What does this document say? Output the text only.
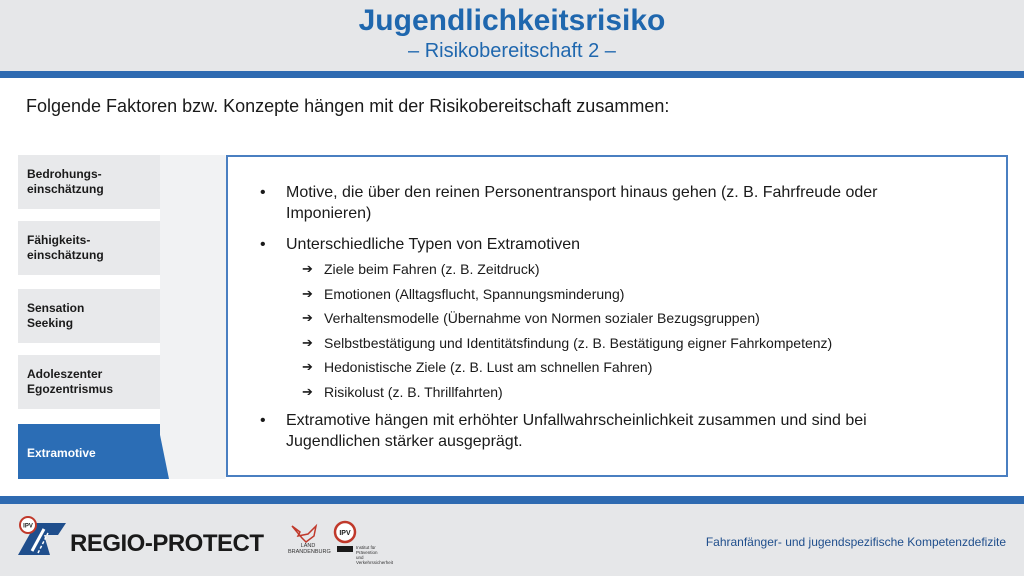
Jugendlichkeitsrisiko
– Risikobereitschaft 2 –
Folgende Faktoren bzw. Konzepte hängen mit der Risikobereitschaft zusammen:
Bedrohungs-
einschätzung
Fähigkeits-
einschätzung
Sensation
Seeking
Adoleszenter
Egozentrismus
Extramotive
• Motive, die über den reinen Personentransport hinaus gehen (z. B. Fahrfreude oder
Imponieren)
• Unterschiedliche Typen von Extramotiven
➔ Ziele beim Fahren (z. B. Zeitdruck)
➔ Emotionen (Alltagsflucht, Spannungsminderung)
➔ Verhaltensmodelle (Übernahme von Normen sozialer Bezugsgruppen)
➔ Selbstbestätigung und Identitätsfindung (z. B. Bestätigung eigner Fahrkompetenz)
➔ Hedonistische Ziele (z. B. Lust am schnellen Fahren)
➔ Risikolust (z. B. Thrillfahrten)
• Extramotive hängen mit erhöhter Unfallwahrscheinlichkeit zusammen und sind bei
Jugendlichen stärker ausgeprägt.
IPV
REGIO-PROTECT	LAND
BRANDENBURG
IPV
Institut für Prävention
und Verkehrssicherheit
Fahranfänger- und jugendspezifische Kompetenzdefizite
